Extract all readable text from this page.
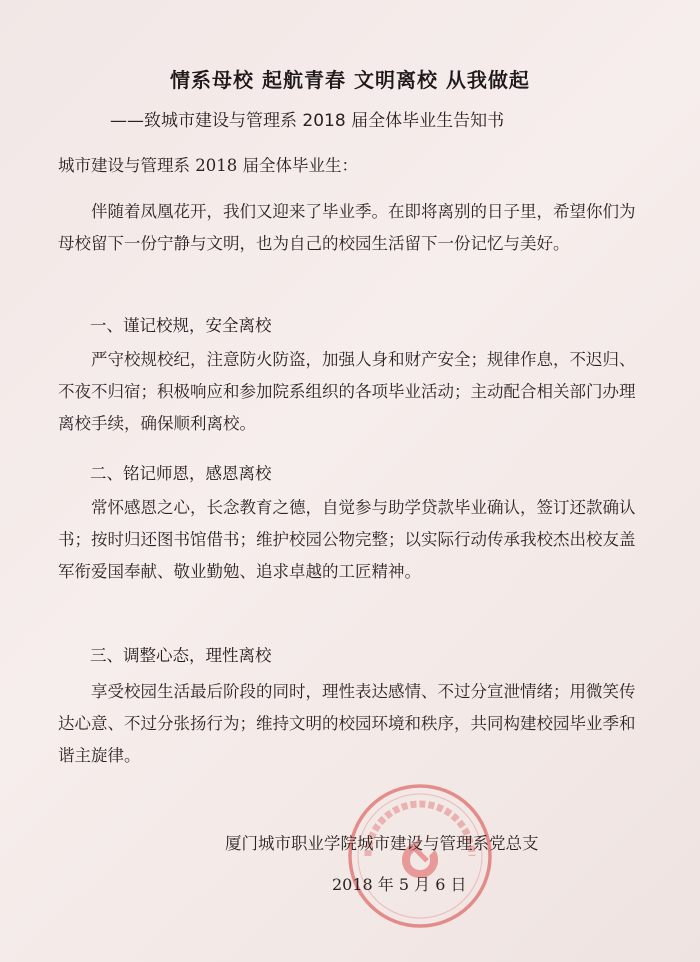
情系母校 起航青春 文明离校 从我做起
——致城市建设与管理系 2018 届全体毕业生告知书
城市建设与管理系 2018 届全体毕业生：
伴随着凤凰花开，我们又迎来了毕业季。在即将离别的日子里，希望你们为母校留下一份宁静与文明，也为自己的校园生活留下一份记忆与美好。
一、谨记校规，安全离校
严守校规校纪，注意防火防盗，加强人身和财产安全；规律作息，不迟归、不夜不归宿；积极响应和参加院系组织的各项毕业活动；主动配合相关部门办理离校手续，确保顺利离校。
二、铭记师恩，感恩离校
常怀感恩之心，长念教育之德，自觉参与助学贷款毕业确认，签订还款确认书；按时归还图书馆借书；维护校园公物完整；以实际行动传承我校杰出校友盖军衔爱国奉献、敬业勤勉、追求卓越的工匠精神。
三、调整心态，理性离校
享受校园生活最后阶段的同时，理性表达感情、不过分宣泄情绪；用微笑传达心意、不过分张扬行为；维持文明的校园环境和秩序，共同构建校园毕业季和谐主旋律。
厦门城市职业学院城市建设与管理系党总支
2018 年 5 月 6 日
